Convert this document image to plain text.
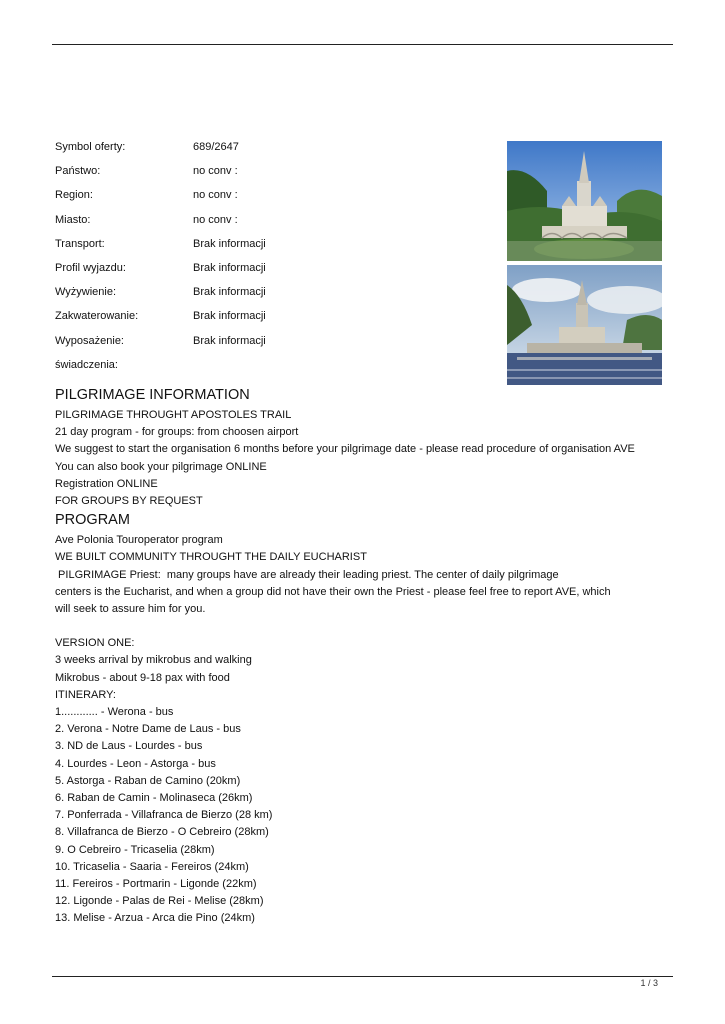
Symbol oferty:	689/2647
Państwo:	no conv :
Region:	no conv :
Miasto:	no conv :
Transport:	Brak informacji
Profil wyjazdu:	Brak informacji
Wyżywienie:	Brak informacji
Zakwaterowanie:	Brak informacji
Wyposażenie:	Brak informacji
świadczenia:
PILGRIMAGE INFORMATION
PILGRIMAGE THROUGHT APOSTOLES TRAIL
21 day program - for groups: from choosen airport
We suggest to start the organisation 6 months before your pilgrimage date - please read procedure of organisation AVE
You can also book your pilgrimage ONLINE
Registration ONLINE
FOR GROUPS BY REQUEST
PROGRAM
Ave Polonia Touroperator program
WE BUILT COMMUNITY THROUGHT THE DAILY EUCHARIST
PILGRIMAGE Priest:  many groups have are already their leading priest. The center of daily pilgrimage
centers is the Eucharist, and when a group did not have their own the Priest - please feel free to report AVE, which
will seek to assure him for you.
VERSION ONE:
3 weeks arrival by mikrobus and walking
Mikrobus - about 9-18 pax with food
ITINERARY:
1............ - Werona - bus
2. Verona - Notre Dame de Laus - bus
3. ND de Laus - Lourdes - bus
4. Lourdes - Leon - Astorga - bus
5. Astorga - Raban de Camino (20km)
6. Raban de Camin - Molinaseca (26km)
7. Ponferrada - Villafranca de Bierzo (28 km)
8. Villafranca de Bierzo - O Cebreiro (28km)
9. O Cebreiro - Tricaselia (28km)
10. Tricaselia - Saaria - Fereiros (24km)
11. Fereiros - Portmarin - Ligonde (22km)
12. Ligonde - Palas de Rei - Melise (28km)
13. Melise - Arzua - Arca die Pino (24km)
1 / 3
